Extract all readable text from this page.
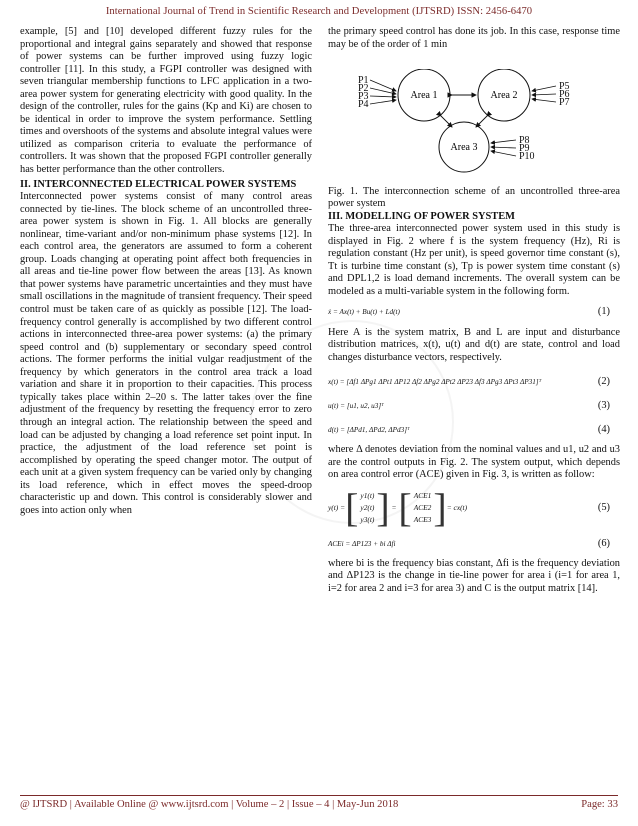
International Journal of Trend in Scientific Research and Development (IJTSRD) ISSN: 2456-6470

example, [5] and [10] developed different fuzzy rules for the proportional and integral gains separately and showed that response of power systems can be further improved using fuzzy logic controller [11]. In this study, a FGPI controller was designed with seven triangular membership functions to LFC application in a two-area power system for generating electricity with good quality. In the design of the controller, rules for the gains (Kp and Ki) are chosen to be identical in order to improve the system performance. Settling times and overshoots of the systems and absolute integral values were utilized as comparison criteria to evaluate the performance of controllers. It was shown that the proposed FGPI controller generally has better performance than the other controllers.

II. INTERCONNECTED ELECTRICAL POWER SYSTEMS

Interconnected power systems consist of many control areas connected by tie-lines. The block scheme of an uncontrolled three-area power system is shown in Fig. 1. All blocks are generally nonlinear, time-variant and/or non-minimum phase systems [12]. In each control area, the generators are assumed to form a coherent group. Loads changing at operating point affect both frequencies in all areas and tie-line power flow between the areas [13]. As known that power systems have parametric uncertainties and they must have small oscillations in the magnitude of transient frequency. Their speed control must be taken care of as quickly as possible [12]. The load-frequency control generally is accomplished by two different control actions in interconnected three-area power systems: (a) the primary speed control and (b) supplementary or secondary speed control actions. The former performs the initial vulgar readjustment of the frequency by which generators in the control area track a load variation and share it in proportion to their capacities. This process typically takes place within 2–20 s. The latter takes over the fine adjustment of the frequency by resetting the frequency error to zero through an integral action. The relationship between the speed and load can be adjusted by changing a load reference set point input. In practice, the adjustment of the load reference set point is accomplished by operating the speed changer motor. The output of each unit at a given system frequency can be varied only by changing its load reference, which in effect moves the speed-droop characteristic up and down. This control is considerably slower and goes into action only when

the primary speed control has done its job. In this case, response time may be of the order of 1 min

P1
P2
P3
P4
Area 1	Area 2
Area 3
P5
P6
P7
P8
P9
P10

Fig. 1. The interconnection scheme of an uncontrolled three-area power system

III. MODELLING OF POWER SYSTEM

The three-area interconnected power system used in this study is displayed in Fig. 2 where f is the system frequency (Hz), Ri is regulation constant (Hz per unit), is speed governor time constant (s), Tt is turbine time constant (s), Tp is power system time constant (s) and DPL1,2 is load demand increments. The overall system can be modeled as a multi-variable system in the following form.

ẋ = Ax(t) + Bu(t) + Ld(t)	(1)

Here A is the system matrix, B and L are input and disturbance distribution matrices, x(t), u(t) and d(t) are state, control and load changes disturbance vectors, respectively.

x(t) = [Δf1 ΔPg1 ΔPt1 ΔP12 Δf2 ΔPg2 ΔPt2 ΔP23 Δf3 ΔPg3 ΔPt3 ΔP31]ᵀ	(2)
u(t) = [u1, u2, u3]ᵀ	(3)
d(t) = [ΔPd1, ΔPd2, ΔPd3]ᵀ	(4)

where Δ denotes deviation from the nominal values and u1, u2 and u3 are the control outputs in Fig. 2. The system output, which depends on area control error (ACE) given in Fig. 3, is written as follow:

y(t) = [ y1(t)
y2(t)
y3(t) ] = [ ACE1
ACE2
ACE3 ] = cx(t)	(5)
ACEi = ΔP123 + bi Δfi	(6)

where bi is the frequency bias constant, Δfi is the frequency deviation and ΔP123 is the change in tie-line power for area i (i=1 for area 1, i=2 for area 2 and i=3 for area 3) and C is the output matrix [14].

@ IJTSRD | Available Online @ www.ijtsrd.com | Volume – 2 | Issue – 4 | May-Jun 2018	Page: 33
